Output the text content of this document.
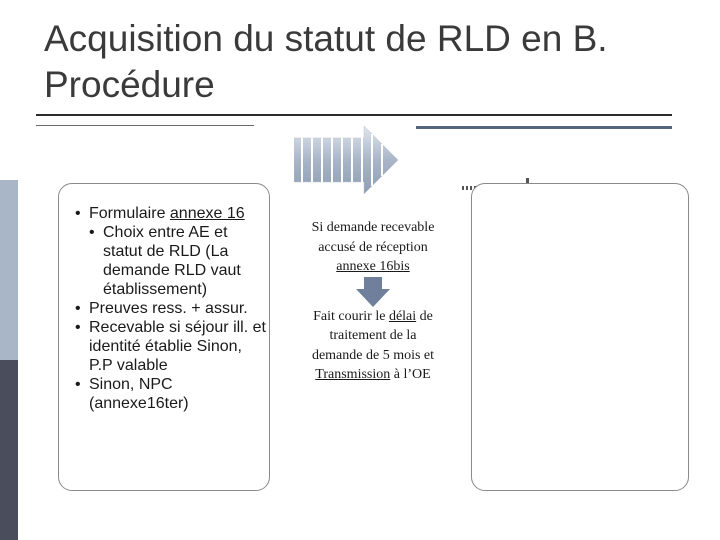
Acquisition du statut de RLD en B.
Procédure
• Formulaire annexe 16
• Choix entre AE et statut de RLD (La demande RLD vaut établissement)
• Preuves ress. + assur.
• Recevable si séjour ill. et identité établie Sinon, P.P valable
• Sinon, NPC (annexe16ter)
Si demande recevable accusé de réception annexe 16bis
Fait courir le délai de traitement de la demande de 5 mois et Transmission à l’OE
